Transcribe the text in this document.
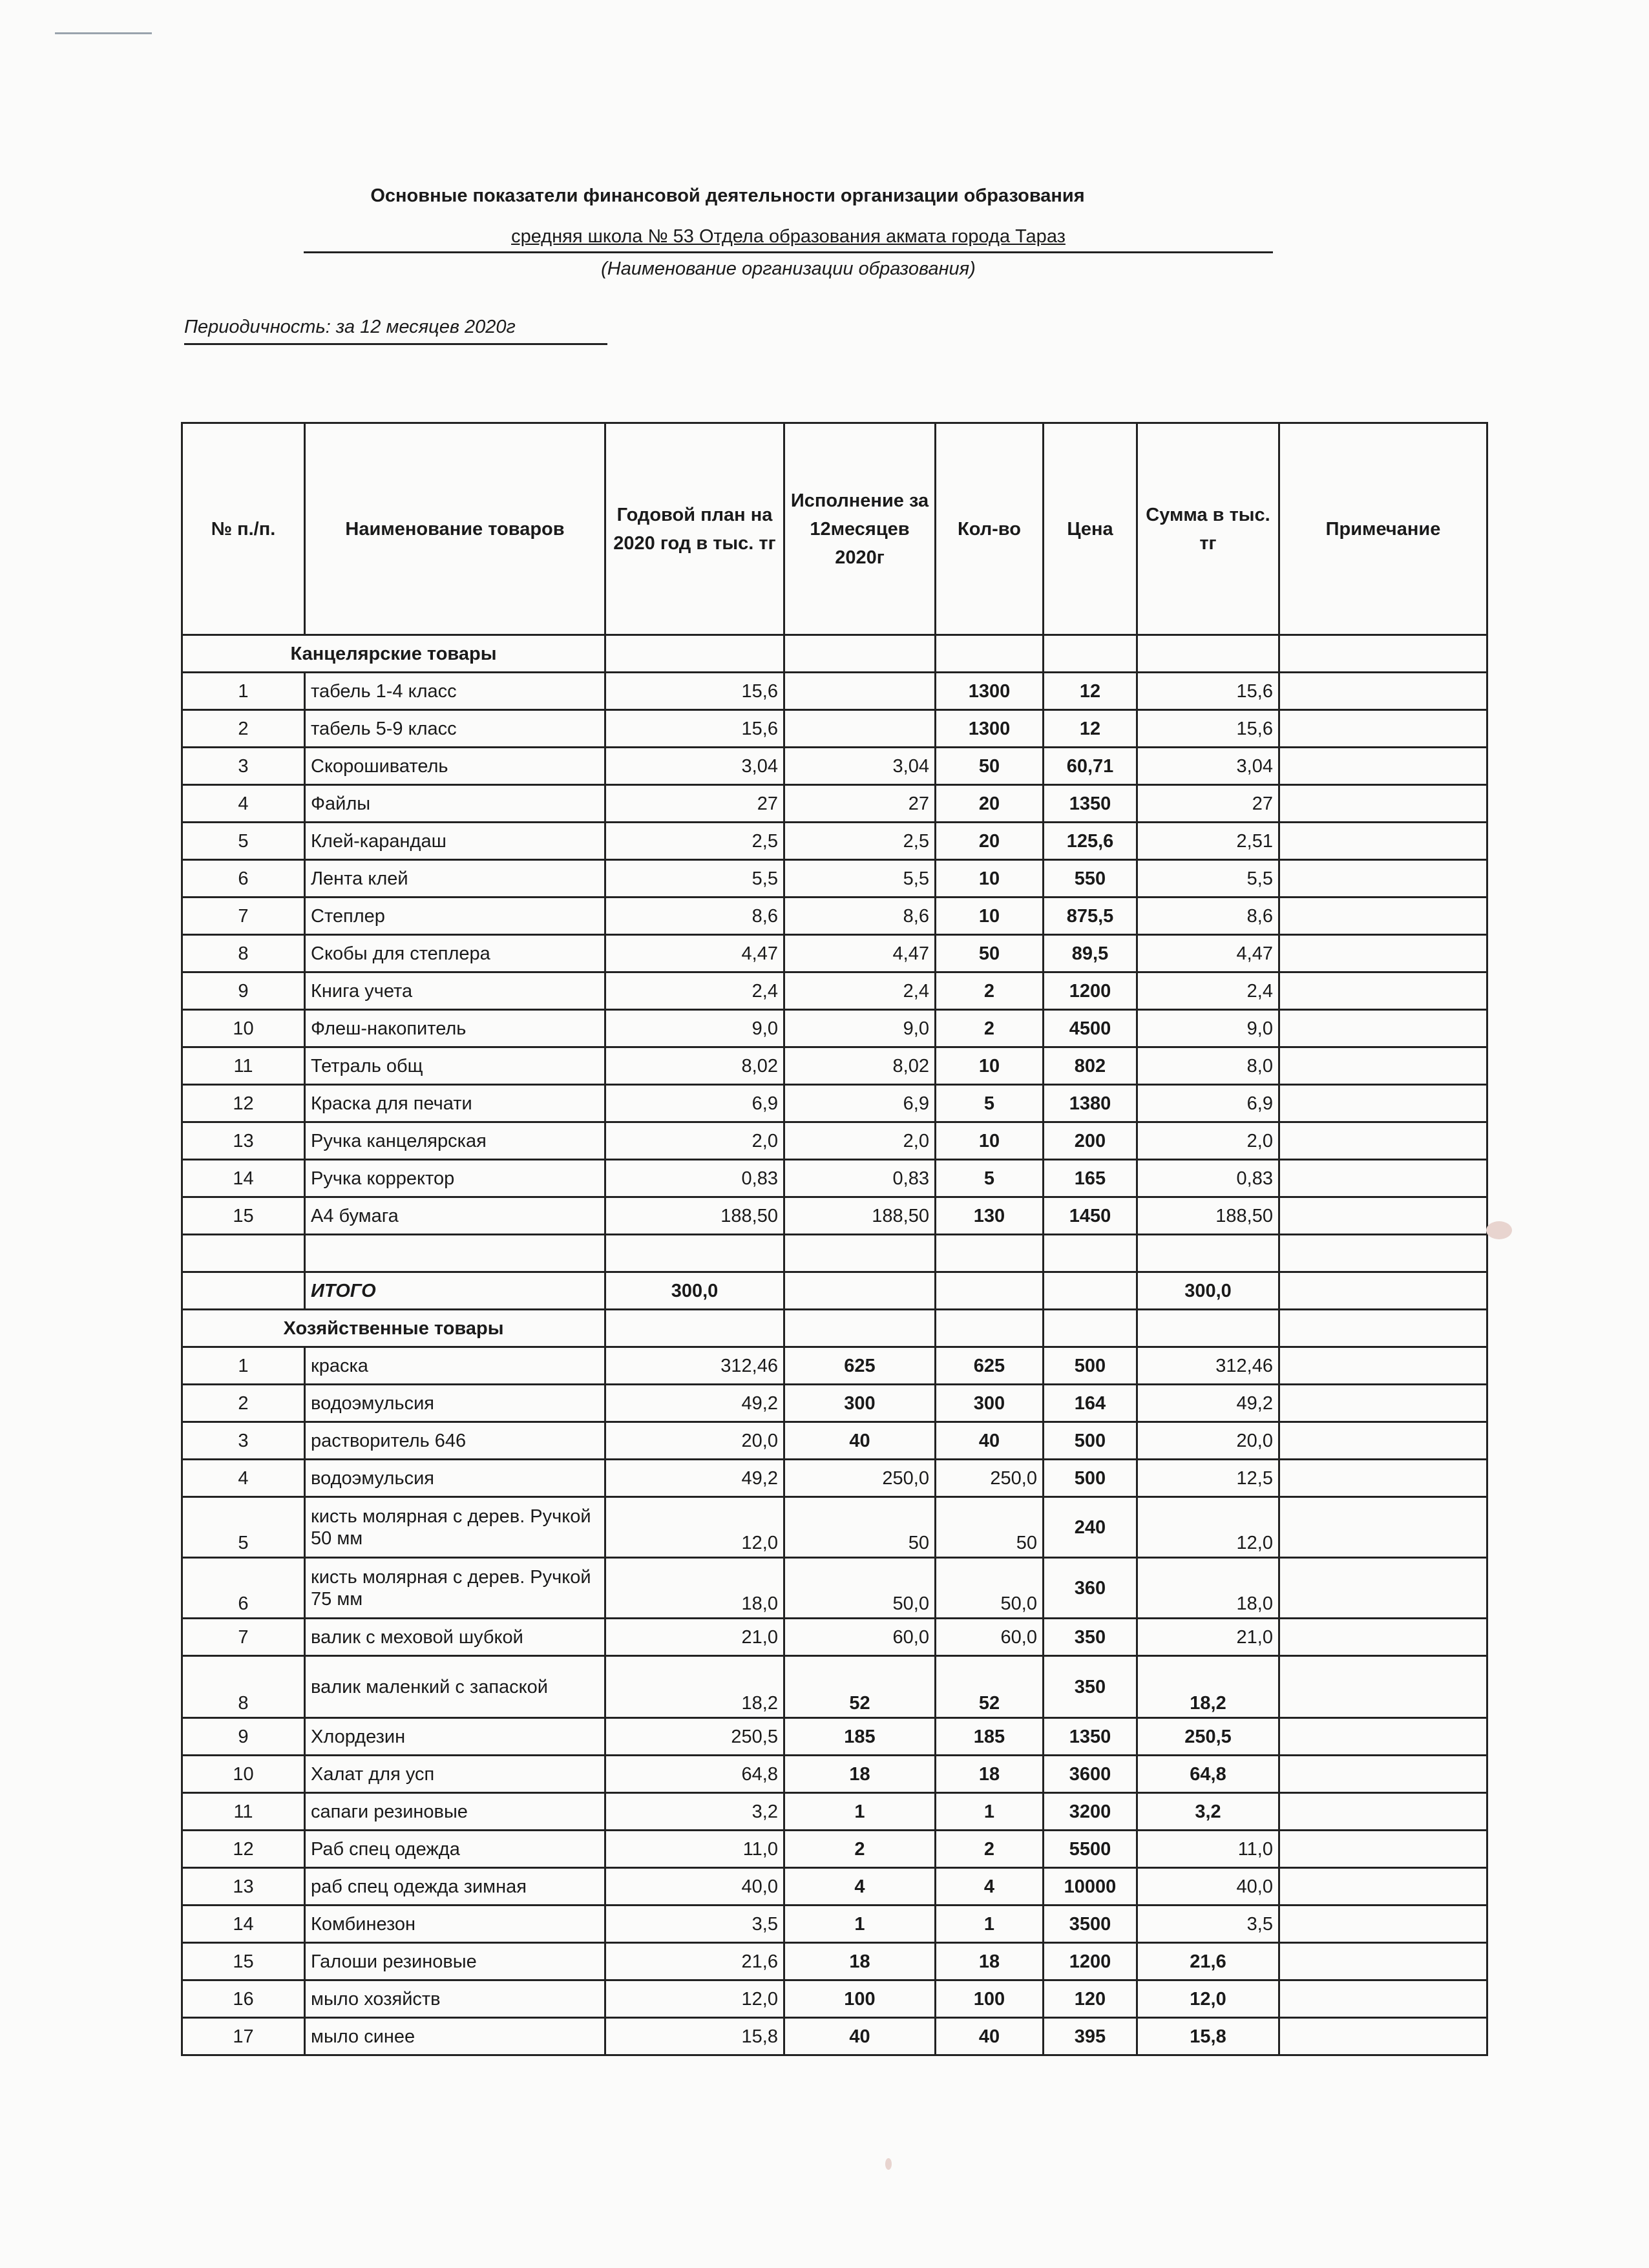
Основные показатели финансовой деятельности организации образования
средняя школа № 53 Отдела образования акмата города Тараз
(Наименование организации образования)
Периодичность: за 12 месяцев 2020г
№ п./п.	Наименование товаров	Годовой план на 2020 год в тыс. тг	Исполнение за 12месяцев 2020г	Кол-во	Цена	Сумма в тыс. тг	Примечание
Канцелярские товары							
1	табель 1-4 класс	15,6		1300	12	15,6	
2	табель 5-9 класс	15,6		1300	12	15,6	
3	Скорошиватель	3,04	3,04	50	60,71	3,04	
4	Файлы	27	27	20	1350	27	
5	Клей-карандаш	2,5	2,5	20	125,6	2,51	
6	Лента клей	5,5	5,5	10	550	5,5	
7	Степлер	8,6	8,6	10	875,5	8,6	
8	Скобы для степлера	4,47	4,47	50	89,5	4,47	
9	Книга учета	2,4	2,4	2	1200	2,4	
10	Флеш-накопитель	9,0	9,0	2	4500	9,0	
11	Тетраль общ	8,02	8,02	10	802	8,0	
12	Краска для печати	6,9	6,9	5	1380	6,9	
13	Ручка канцелярская	2,0	2,0	10	200	2,0	
14	Ручка корректор	0,83	0,83	5	165	0,83	
15	А4 бумага	188,50	188,50	130	1450	188,50	

	ИТОГО	300,0				300,0	
Хозяйственные товары							
1	краска	312,46	625	625	500	312,46	
2	водоэмульсия	49,2	300	300	164	49,2	
3	растворитель 646	20,0	40	40	500	20,0	
4	водоэмульсия	49,2	250,0	250,0	500	12,5	
5	кисть молярная с дерев. Ручкой 50 мм	12,0	50	50	240	12,0	
6	кисть молярная с дерев. Ручкой 75 мм	18,0	50,0	50,0	360	18,0	
7	валик с меховой шубкой	21,0	60,0	60,0	350	21,0	
8	валик маленкий с запаской	18,2	52	52	350	18,2	
9	Хлордезин	250,5	185	185	1350	250,5	
10	Халат для усп	64,8	18	18	3600	64,8	
11	сапаги резиновые	3,2	1	1	3200	3,2	
12	Раб спец одежда	11,0	2	2	5500	11,0	
13	раб спец одежда зимная	40,0	4	4	10000	40,0	
14	Комбинезон	3,5	1	1	3500	3,5	
15	Галоши резиновые	21,6	18	18	1200	21,6	
16	мыло хозяйств	12,0	100	100	120	12,0	
17	мыло синее	15,8	40	40	395	15,8	
